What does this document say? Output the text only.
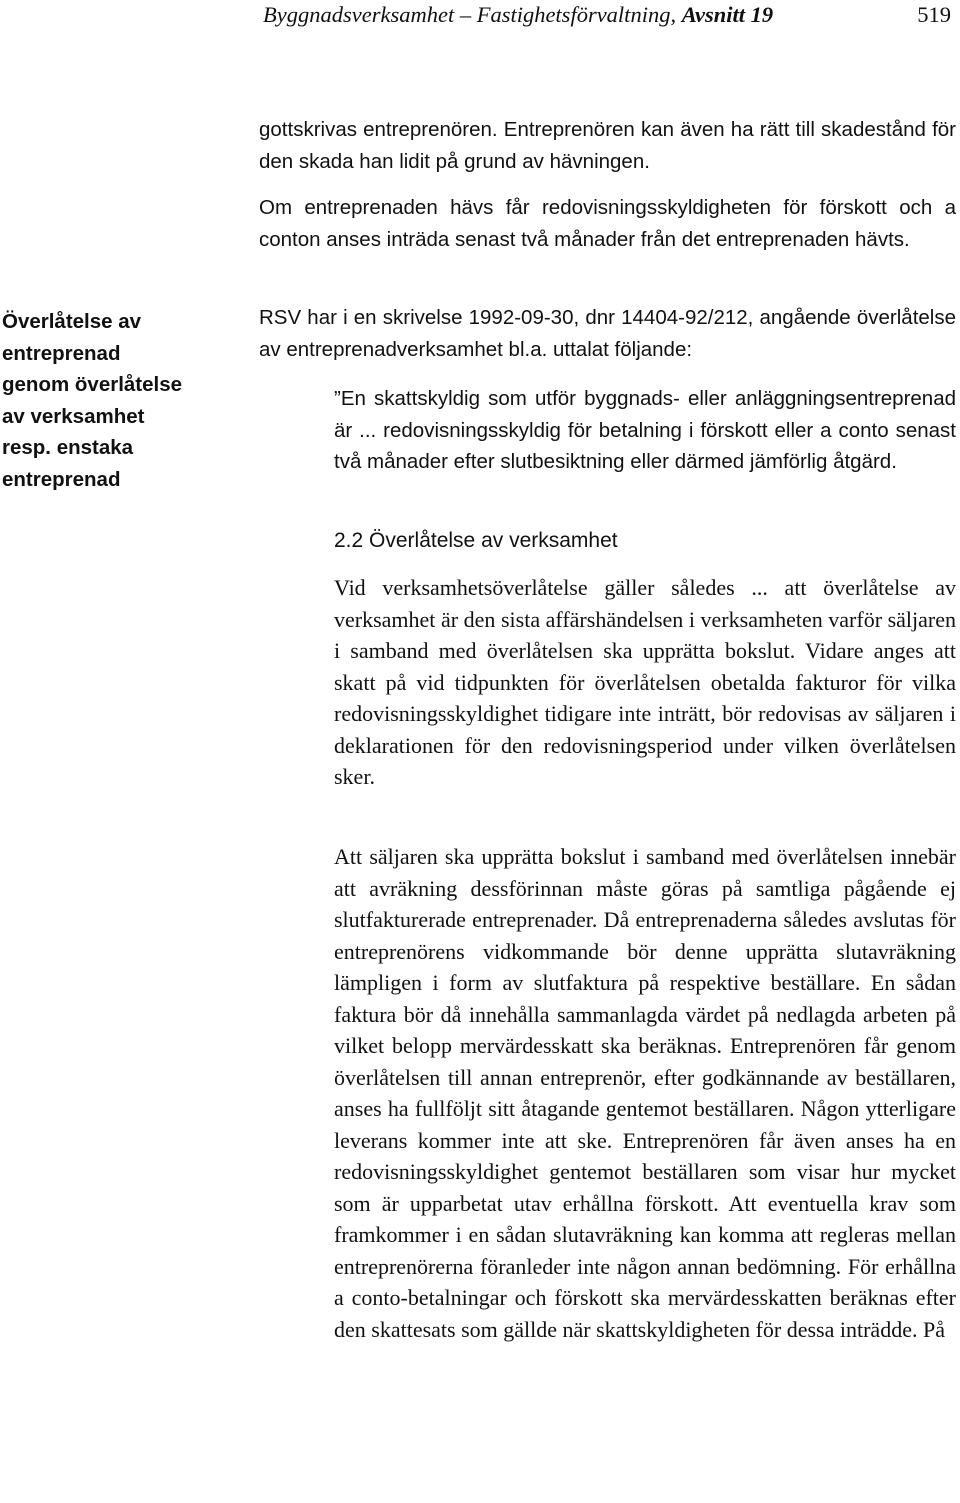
Byggnadsverksamhet – Fastighetsförvaltning, Avsnitt 19	519
Överlåtelse av
entreprenad
genom överlåtelse
av verksamhet
resp. enstaka
entreprenad

gottskrivas entreprenören. Entreprenören kan även ha rätt till skadestånd för den skada han lidit på grund av hävningen.

Om entreprenaden hävs får redovisningsskyldigheten för förskott och a conton anses inträda senast två månader från det entreprenaden hävts.

RSV har i en skrivelse 1992-09-30, dnr 14404-92/212, angående överlåtelse av entreprenadverksamhet bl.a. uttalat följande:

”En skattskyldig som utför byggnads- eller anläggningsentreprenad är ... redovisningsskyldig för betalning i förskott eller a conto senast två månader efter slutbesiktning eller därmed jämförlig åtgärd.

2.2 Överlåtelse av verksamhet

Vid verksamhetsöverlåtelse gäller således ... att överlåtelse av verksamhet är den sista affärshändelsen i verksamheten varför säljaren i samband med överlåtelsen ska upprätta bokslut. Vidare anges att skatt på vid tidpunkten för överlåtelsen obetalda fakturor för vilka redovisningsskyldighet tidigare inte inträtt, bör redovisas av säljaren i deklarationen för den redovisningsperiod under vilken överlåtelsen sker.

Att säljaren ska upprätta bokslut i samband med överlåtelsen innebär att avräkning dessförinnan måste göras på samtliga pågående ej slutfakturerade entreprenader. Då entreprenaderna således avslutas för entreprenörens vidkommande bör denne upprätta slutavräkning lämpligen i form av slutfaktura på respektive beställare. En sådan faktura bör då innehålla sammanlagda värdet på nedlagda arbeten på vilket belopp mervärdesskatt ska beräknas. Entreprenören får genom överlåtelsen till annan entreprenör, efter godkännande av beställaren, anses ha fullföljt sitt åtagande gentemot beställaren. Någon ytterligare leverans kommer inte att ske. Entreprenören får även anses ha en redovisningsskyldighet gentemot beställaren som visar hur mycket som är upparbetat utav erhållna förskott. Att eventuella krav som framkommer i en sådan slutavräkning kan komma att regleras mellan entreprenörerna föranleder inte någon annan bedömning. För erhållna a conto-betalningar och förskott ska mervärdesskatten beräknas efter den skattesats som gällde när skattskyldigheten för dessa inträdde. På
